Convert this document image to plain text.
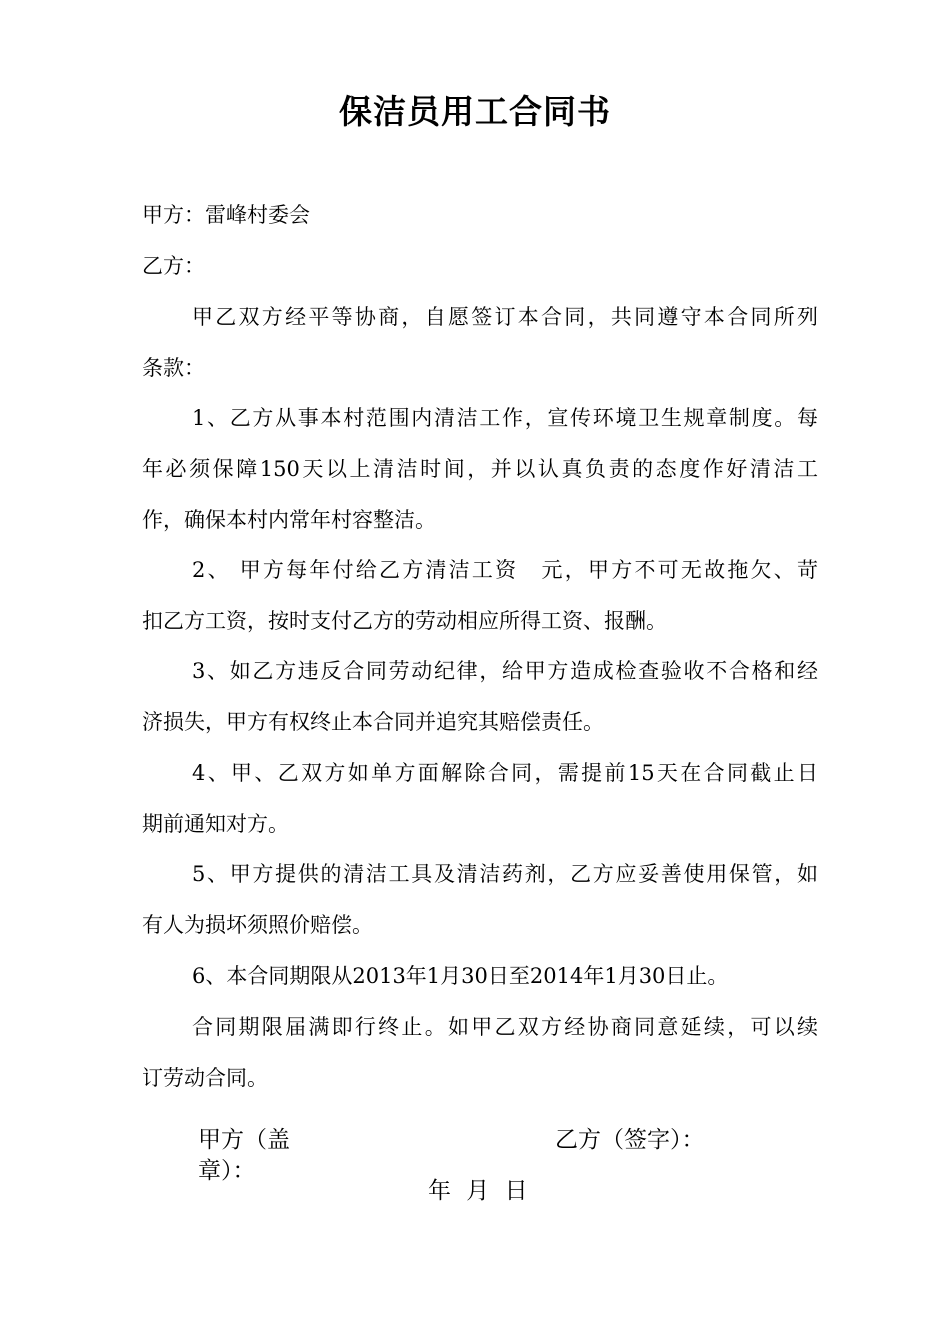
保洁员用工合同书
甲方：雷峰村委会
乙方：
甲乙双方经平等协商，自愿签订本合同，共同遵守本合同所列
条款：
1、乙方从事本村范围内清洁工作，宣传环境卫生规章制度。每
年必须保障150天以上清洁时间，并以认真负责的态度作好清洁工
作，确保本村内常年村容整洁。
2、 甲方每年付给乙方清洁工资　元，甲方不可无故拖欠、苛
扣乙方工资，按时支付乙方的劳动相应所得工资、报酬。
3、如乙方违反合同劳动纪律，给甲方造成检查验收不合格和经
济损失，甲方有权终止本合同并追究其赔偿责任。
4、甲、乙双方如单方面解除合同，需提前15天在合同截止日
期前通知对方。
5、甲方提供的清洁工具及清洁药剂，乙方应妥善使用保管，如
有人为损坏须照价赔偿。
6、本合同期限从2013年1月30日至2014年1月30日止。
合同期限届满即行终止。如甲乙双方经协商同意延续，可以续
订劳动合同。
甲方（盖
章）：
乙方（签字）：
年 月 日
